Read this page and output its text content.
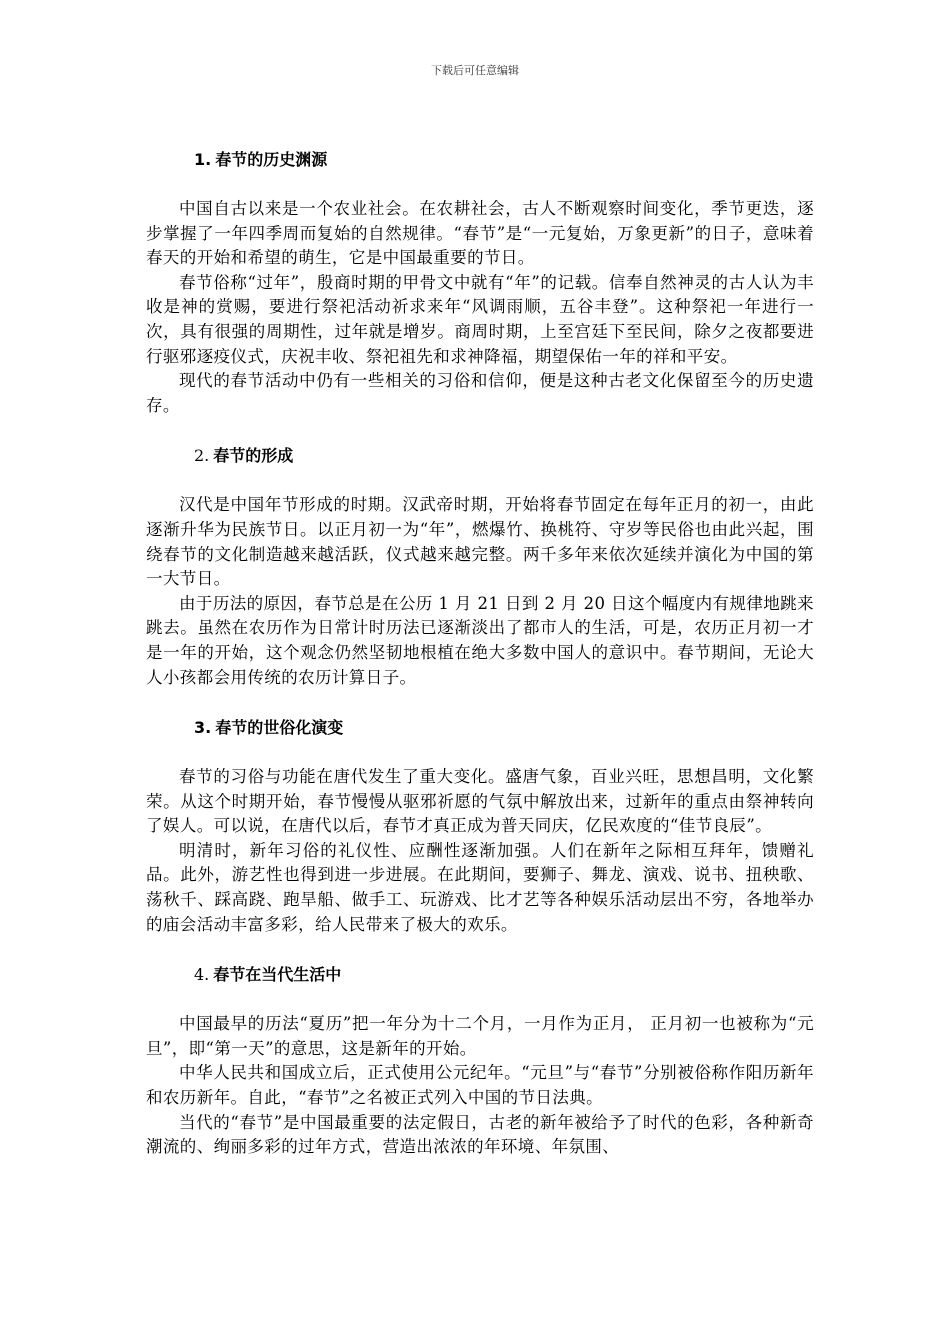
下载后可任意编辑
1. 春节的历史渊源

中国自古以来是一个农业社会。在农耕社会，古人不断观察时间变化，季节更迭，逐步掌握了一年四季周而复始的自然规律。“春节”是“一元复始，万象更新”的日子，意味着春天的开始和希望的萌生，它是中国最重要的节日。

春节俗称“过年”，殷商时期的甲骨文中就有“年”的记载。信奉自然神灵的古人认为丰收是神的赏赐，要进行祭祀活动祈求来年“风调雨顺，五谷丰登”。这种祭祀一年进行一次，具有很强的周期性，过年就是增岁。商周时期，上至宫廷下至民间，除夕之夜都要进行驱邪逐疫仪式，庆祝丰收、祭祀祖先和求神降福，期望保佑一年的祥和平安。

现代的春节活动中仍有一些相关的习俗和信仰，便是这种古老文化保留至今的历史遗存。

2. 春节的形成

汉代是中国年节形成的时期。汉武帝时期，开始将春节固定在每年正月的初一，由此逐渐升华为民族节日。以正月初一为“年”，燃爆竹、换桃符、守岁等民俗也由此兴起，围绕春节的文化制造越来越活跃，仪式越来越完整。两千多年来依次延续并演化为中国的第一大节日。

由于历法的原因，春节总是在公历 1 月 21 日到 2 月 20 日这个幅度内有规律地跳来跳去。虽然在农历作为日常计时历法已逐渐淡出了都市人的生活，可是，农历正月初一才是一年的开始，这个观念仍然坚韧地根植在绝大多数中国人的意识中。春节期间，无论大人小孩都会用传统的农历计算日子。

3. 春节的世俗化演变

春节的习俗与功能在唐代发生了重大变化。盛唐气象，百业兴旺，思想昌明，文化繁荣。从这个时期开始，春节慢慢从驱邪祈愿的气氛中解放出来，过新年的重点由祭神转向了娱人。可以说，在唐代以后，春节才真正成为普天同庆，亿民欢度的“佳节良辰”。

明清时，新年习俗的礼仪性、应酬性逐渐加强。人们在新年之际相互拜年，馈赠礼品。此外，游艺性也得到进一步进展。在此期间，要狮子、舞龙、演戏、说书、扭秧歌、荡秋千、踩高跷、跑旱船、做手工、玩游戏、比才艺等各种娱乐活动层出不穷，各地举办的庙会活动丰富多彩，给人民带来了极大的欢乐。

4. 春节在当代生活中

中国最早的历法“夏历”把一年分为十二个月，一月作为正月， 正月初一也被称为“元旦”，即“第一天”的意思，这是新年的开始。

中华人民共和国成立后，正式使用公元纪年。“元旦”与“春节”分别被俗称作阳历新年和农历新年。自此，“春节”之名被正式列入中国的节日法典。

当代的“春节”是中国最重要的法定假日，古老的新年被给予了时代的色彩，各种新奇潮流的、绚丽多彩的过年方式，营造出浓浓的年环境、年氛围、
